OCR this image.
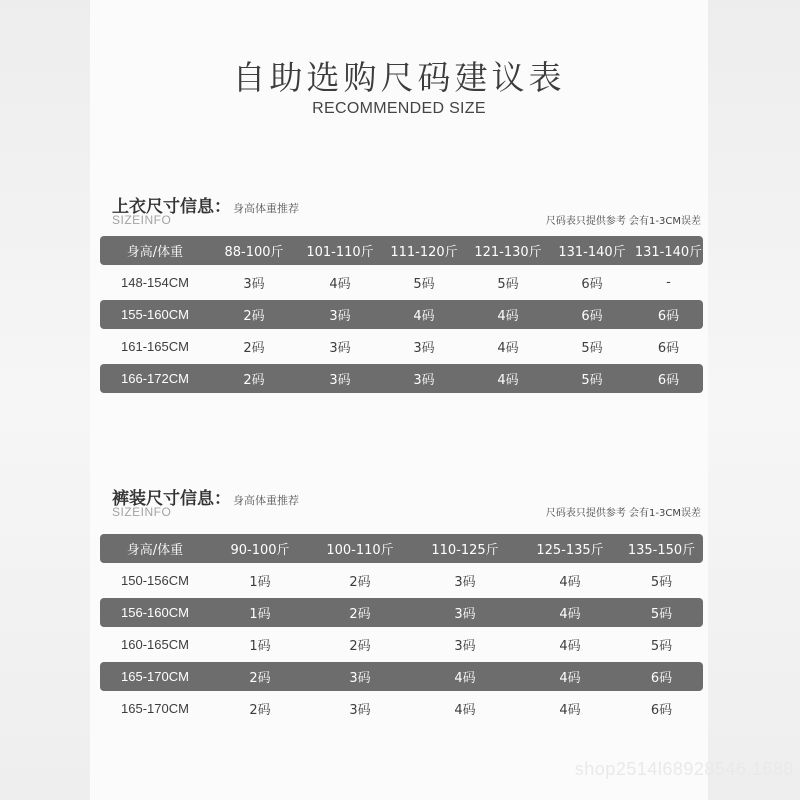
自助选购尺码建议表
RECOMMENDED SIZE
上衣尺寸信息： 身高体重推荐
SIZEINFO	尺码表只提供参考 会有1-3CM误差
身高/体重	88-100斤	101-110斤	111-120斤	121-130斤	131-140斤 131-140斤
148-154CM	3码	4码	5码	5码	6码	-
155-160CM	2码	3码	4码	4码	6码	6码
161-165CM	2码	3码	3码	4码	5码	6码
166-172CM	2码	3码	3码	4码	5码	6码
裤装尺寸信息： 身高体重推荐
SIZEINFO	尺码表只提供参考 会有1-3CM误差
身高/体重	90-100斤	100-110斤	110-125斤	125-135斤	135-150斤
150-156CM	1码	2码	3码	4码	5码
156-160CM	1码	2码	3码	4码	5码
160-165CM	1码	2码	3码	4码	5码
165-170CM	2码	3码	4码	4码	6码
165-170CM	2码	3码	4码	4码	6码
shop2514l68928546.1688
